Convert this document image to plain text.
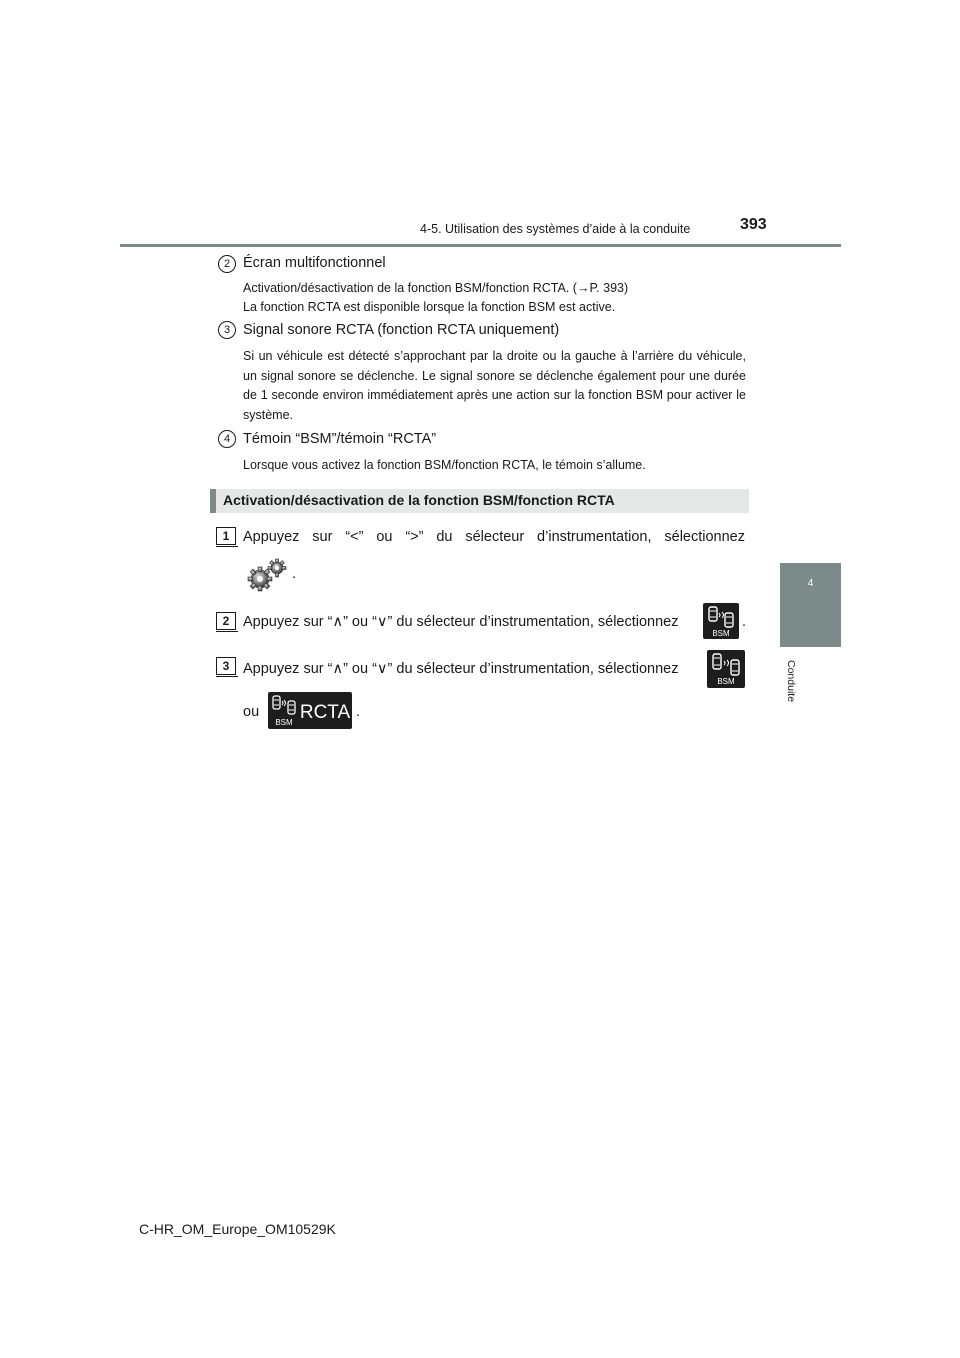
4-5. Utilisation des systèmes d’aide à la conduite	393
4
Conduite
2 Écran multifonctionnel
Activation/désactivation de la fonction BSM/fonction RCTA. (→P. 393)
La fonction RCTA est disponible lorsque la fonction BSM est active.
3 Signal sonore RCTA (fonction RCTA uniquement)
Si un véhicule est détecté s’approchant par la droite ou la gauche à l’arrière du véhicule, un signal sonore se déclenche. Le signal sonore se déclenche également pour une durée de 1 seconde environ immédiatement après une action sur la fonction BSM pour activer le système.
4 Témoin “BSM”/témoin “RCTA”
Lorsque vous activez la fonction BSM/fonction RCTA, le témoin s’allume.
Activation/désactivation de la fonction BSM/fonction RCTA
1 Appuyez sur “<” ou “>” du sélecteur d’instrumentation, sélectionnez
.
2 Appuyez sur “∧” ou “∨” du sélecteur d’instrumentation, sélectionnez
BSM
.
3 Appuyez sur “∧” ou “∨” du sélecteur d’instrumentation, sélectionnez
BSM
ou
BSM RCTA .
C-HR_OM_Europe_OM10529K
